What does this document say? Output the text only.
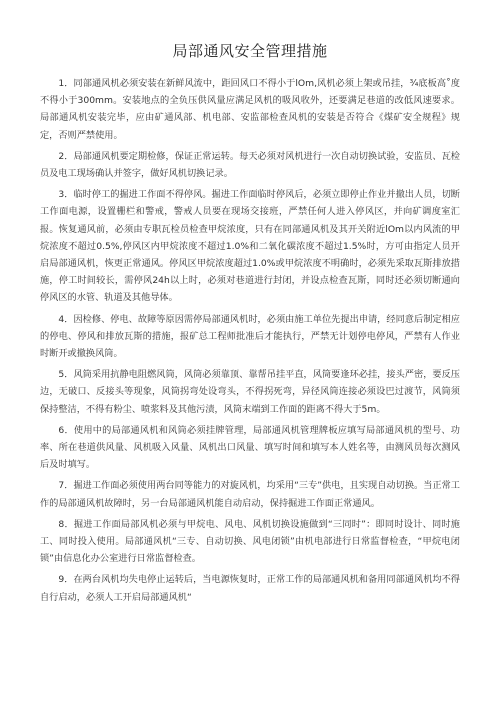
局部通风安全管理措施

1．同部通风机必须安装在新鲜风流中，距回风口不得小于lOm,风机必须上架或吊挂，¾底板高˚度不得小于300mm。安装地点的全负压供风量应满足风机的吸风收外，还要满足巷道的改低风速要求。局部通风机安装完毕，应由矿通风部、机电部、安监部检查风机的安装是否符合《煤矿安全规程》规定，否则严禁使用。

2．局部通风机要定期检修，保证正常运转。每天必须对风机进行一次自动切换试验，安监员、瓦检员及电工现场确认并签字，做好风机切换记录。

3．临时停工的掘进工作面不得停风。掘进工作面临时停风后，必须立即停止作业并撤出人员，切断工作面电源，设置栅栏和警戒，警戒人员要在现场交接班，严禁任何人进入停风区，并向矿调度室汇报。恢复通风前，必须由专职瓦检员检查甲烷浓度，只有在同部通风机及其开关附近lOm以内风流的甲烷浓度不超过0.5%,停风区内甲烷浓度不超过1.0%和二氧化碳浓度不超过1.5%时，方可由指定人员开启局部通风机，恢更正常通风。停风区甲烷浓度超过1.0%或甲烷浓度不明确时，必须先采取瓦斯排放措施，停工时间较长，需停风24h以上时，必须对巷道进行封闭，并设点检查瓦斯，同时还必须切断通向停风区的水管、轨道及其他导体。

4．因检修、停电、故障等原因需停局部通风机时，必须由施工单位先提出申请，经同意后制定相应的停电、停风和排放瓦斯的措施，报矿总工程师批准后才能执行，严禁无计划停电停风，严禁有人作业时断开或撤换风筒。

5．风筒采用抗静电阻燃风筒，风筒必须靠顶、靠帮吊挂平直，风筒要逢环必挂，接头严密，要反压边，无破口、反接头等现象，风筒拐弯处设弯头，不得拐死弯，异径风筒连接必须设巴过渡节，风筒须保持整洁，不得有粉尘、喷浆料及其他污渍，风筒末端到工作面的距离不得大于5m。

6．使用中的局部通风机和风筒必须挂牌管理，局部通风机管理牌板应填写局部通风机的型号、功率、所在巷道供风量、风机吸入风量、风机出口风量、填写时间和填写本人姓名等，由测风员每次测风后及时填写。

7．掘进工作面必须使用两台同等能力的对旋风机，均采用“三专”供电，且实现自动切换。当正常工作的局部通风机故障时，另一台局部通风机能自动启动，保持掘进工作面正常通风。

8．掘进工作面局部风机必须与甲烷电、风电、风机切换设施做到“三同时”：即同时设计、同时施工、同时投入使用。局部通风机“三专、自动切换、风电闭锁”由机电部进行日常监督检查，“甲烷电闭锁”由信息化办公室进行日常监督检查。

9．在两台风机均失电停止运转后，当电源恢复时，正常工作的局部通风机和备用同部通风机均不得自行启动，必须人工开启局部通风机“
